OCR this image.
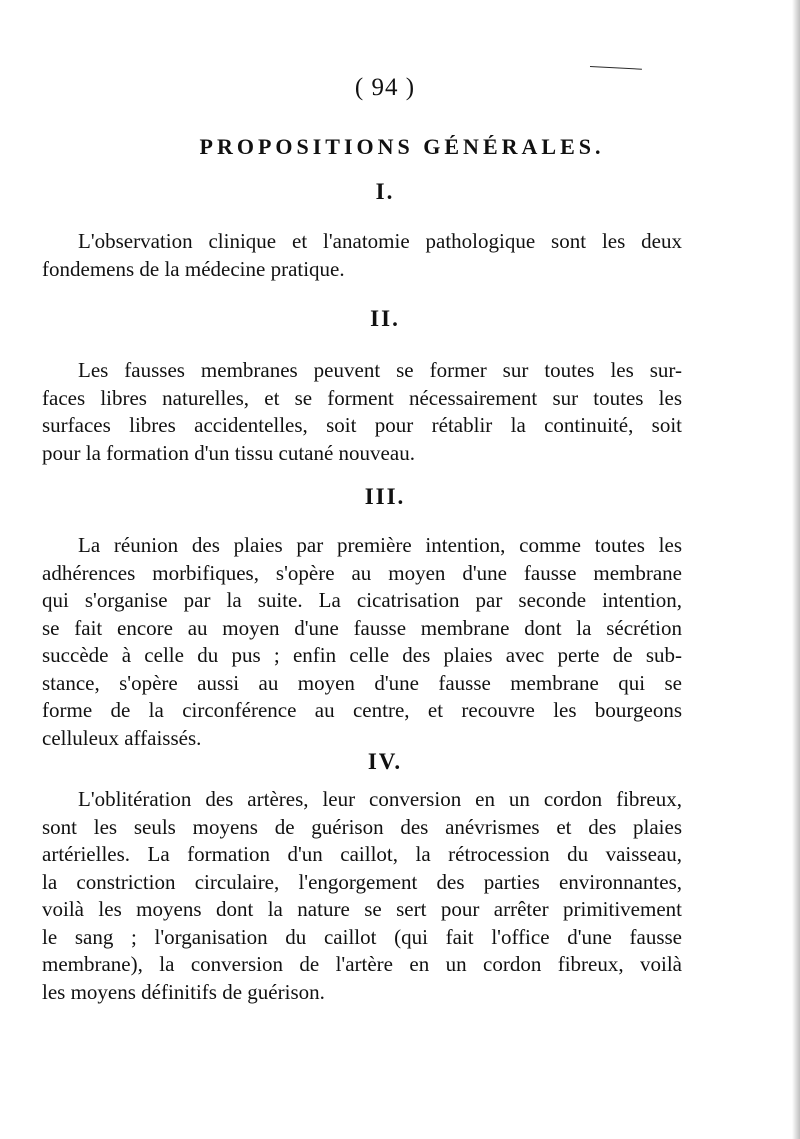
( 94 )
PROPOSITIONS GÉNÉRALES.
I.
L'observation clinique et l'anatomie pathologique sont les deux
fondemens de la médecine pratique.
II.
Les fausses membranes peuvent se former sur toutes les sur-
faces libres naturelles, et se forment nécessairement sur toutes les
surfaces libres accidentelles, soit pour rétablir la continuité, soit
pour la formation d'un tissu cutané nouveau.
III.
La réunion des plaies par première intention, comme toutes les
adhérences morbifiques, s'opère au moyen d'une fausse membrane
qui s'organise par la suite. La cicatrisation par seconde intention,
se fait encore au moyen d'une fausse membrane dont la sécrétion
succède à celle du pus ; enfin celle des plaies avec perte de sub-
stance, s'opère aussi au moyen d'une fausse membrane qui se
forme de la circonférence au centre, et recouvre les bourgeons
celluleux affaissés.
IV.
L'oblitération des artères, leur conversion en un cordon fibreux,
sont les seuls moyens de guérison des anévrismes et des plaies
artérielles. La formation d'un caillot, la rétrocession du vaisseau,
la constriction circulaire, l'engorgement des parties environnantes,
voilà les moyens dont la nature se sert pour arrêter primitivement
le sang ; l'organisation du caillot (qui fait l'office d'une fausse
membrane), la conversion de l'artère en un cordon fibreux, voilà
les moyens définitifs de guérison.
